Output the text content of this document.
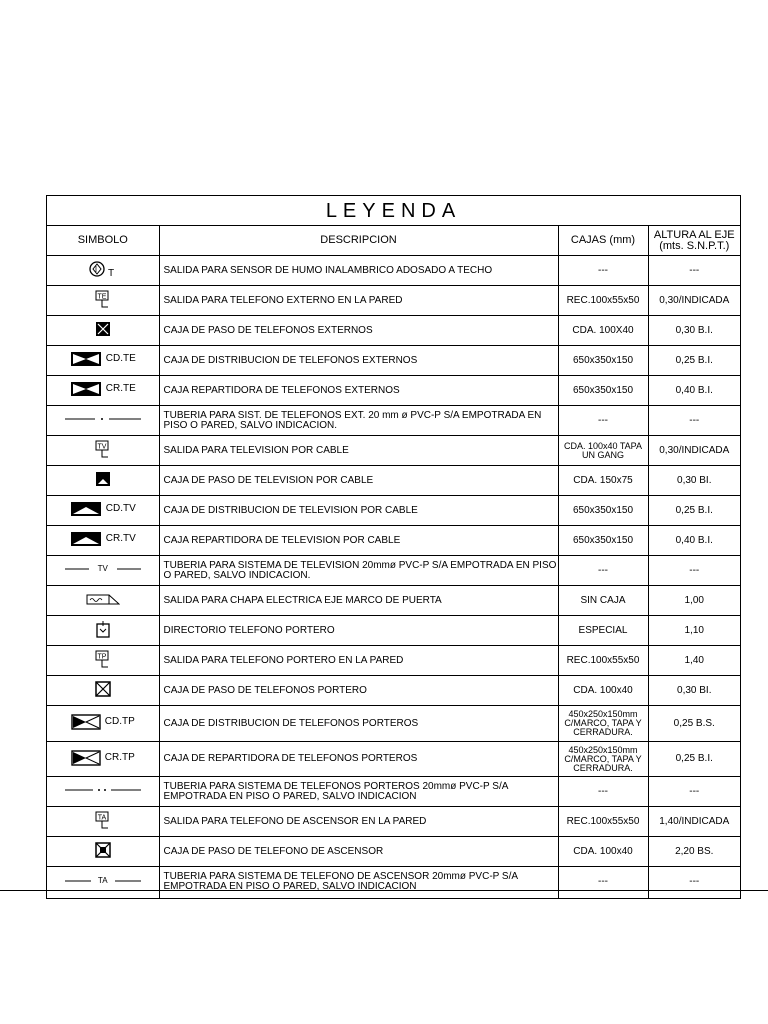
LEYENDA
SIMBOLO	DESCRIPCION	CAJAS (mm)	ALTURA AL EJE (mts. S.N.P.T.)

I T	SALIDA PARA SENSOR DE HUMO INALAMBRICO ADOSADO A TECHO	---	---

TE	SALIDA PARA TELEFONO EXTERNO EN LA PARED	REC.100x55x50	0,30/INDICADA

	CAJA DE PASO DE TELEFONOS EXTERNOS	CDA. 100X40	0,30 B.I.

CD.TE	CAJA DE DISTRIBUCION DE TELEFONOS EXTERNOS	650x350x150	0,25 B.I.

CR.TE	CAJA REPARTIDORA DE TELEFONOS EXTERNOS	650x350x150	0,40 B.I.

	TUBERIA PARA SIST. DE TELEFONOS EXT. 20 mm ø PVC-P S/A EMPOTRADA EN PISO O PARED, SALVO INDICACION.	---	---

TV	SALIDA PARA TELEVISION POR CABLE	CDA. 100x40 TAPA UN GANG	0,30/INDICADA

	CAJA DE PASO DE TELEVISION POR CABLE	CDA. 150x75	0,30 BI.

CD.TV	CAJA DE DISTRIBUCION DE TELEVISION POR CABLE	650x350x150	0,25 B.I.

CR.TV	CAJA REPARTIDORA DE TELEVISION POR CABLE	650x350x150	0,40 B.I.

TV	TUBERIA PARA SISTEMA DE TELEVISION 20mmø PVC-P S/A EMPOTRADA EN PISO O PARED, SALVO INDICACION.	---	---

	SALIDA PARA CHAPA ELECTRICA EJE MARCO DE PUERTA	SIN CAJA	1,00

	DIRECTORIO TELEFONO PORTERO	ESPECIAL	1,10

TP	SALIDA PARA TELEFONO PORTERO EN LA PARED	REC.100x55x50	1,40

	CAJA DE PASO DE TELEFONOS PORTERO	CDA. 100x40	0,30 BI.

CD.TP	CAJA DE DISTRIBUCION DE TELEFONOS PORTEROS	450x250x150mm C/MARCO, TAPA Y CERRADURA.	0,25 B.S.

CR.TP	CAJA DE REPARTIDORA DE TELEFONOS PORTEROS	450x250x150mm C/MARCO, TAPA Y CERRADURA.	0,25 B.I.

	TUBERIA PARA SISTEMA DE TELEFONOS PORTEROS 20mmø PVC-P S/A EMPOTRADA EN PISO O PARED, SALVO INDICACION	---	---

TA	SALIDA PARA TELEFONO DE ASCENSOR EN LA PARED	REC.100x55x50	1,40/INDICADA

	CAJA DE PASO DE TELEFONO DE ASCENSOR	CDA. 100x40	2,20 BS.

TA	TUBERIA PARA SISTEMA DE TELEFONO DE ASCENSOR 20mmø PVC-P S/A EMPOTRADA EN PISO O PARED, SALVO INDICACION	---	---
